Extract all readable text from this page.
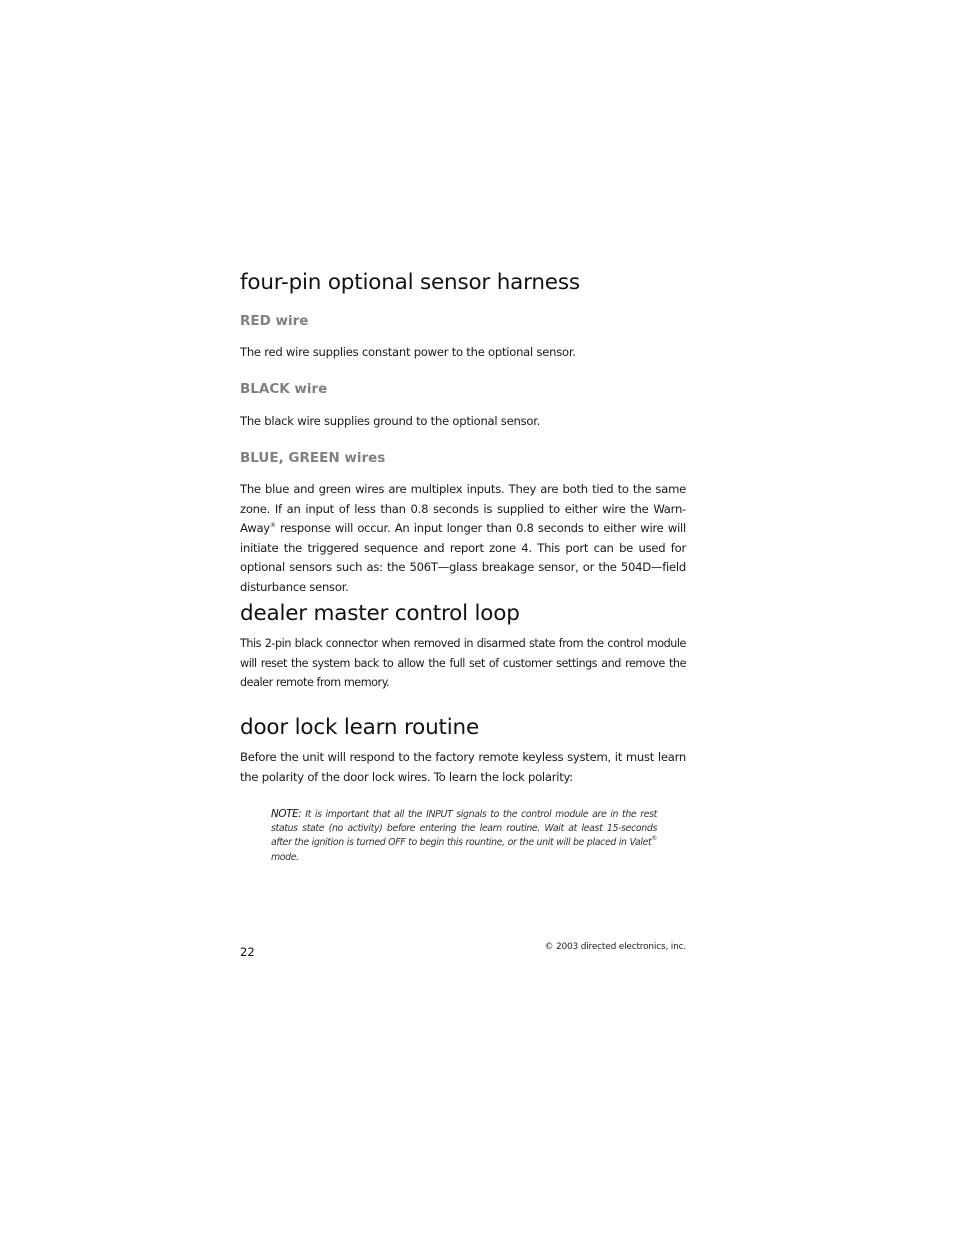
four-pin optional sensor harness
RED wire

The red wire supplies constant power to the optional sensor.

BLACK wire

The black wire supplies ground to the optional sensor.

BLUE, GREEN wires

The blue and green wires are multiplex inputs. They are both tied to the same zone. If an input of less than 0.8 seconds is supplied to either wire the Warn-Away® response will occur. An input longer than 0.8 seconds to either wire will initiate the triggered sequence and report zone 4. This port can be used for optional sensors such as: the 506T—glass breakage sensor, or the 504D—field disturbance sensor.

dealer master control loop

This 2-pin black connector when removed in disarmed state from the control module will reset the system back to allow the full set of customer settings and remove the dealer remote from memory.

door lock learn routine

Before the unit will respond to the factory remote keyless system, it must learn the polarity of the door lock wires. To learn the lock polarity:

NOTE: It is important that all the INPUT signals to the control module are in the rest status state (no activity) before entering the learn routine. Wait at least 15-seconds after the ignition is turned OFF to begin this rountine, or the unit will be placed in Valet® mode.
22	© 2003 directed electronics, inc.
